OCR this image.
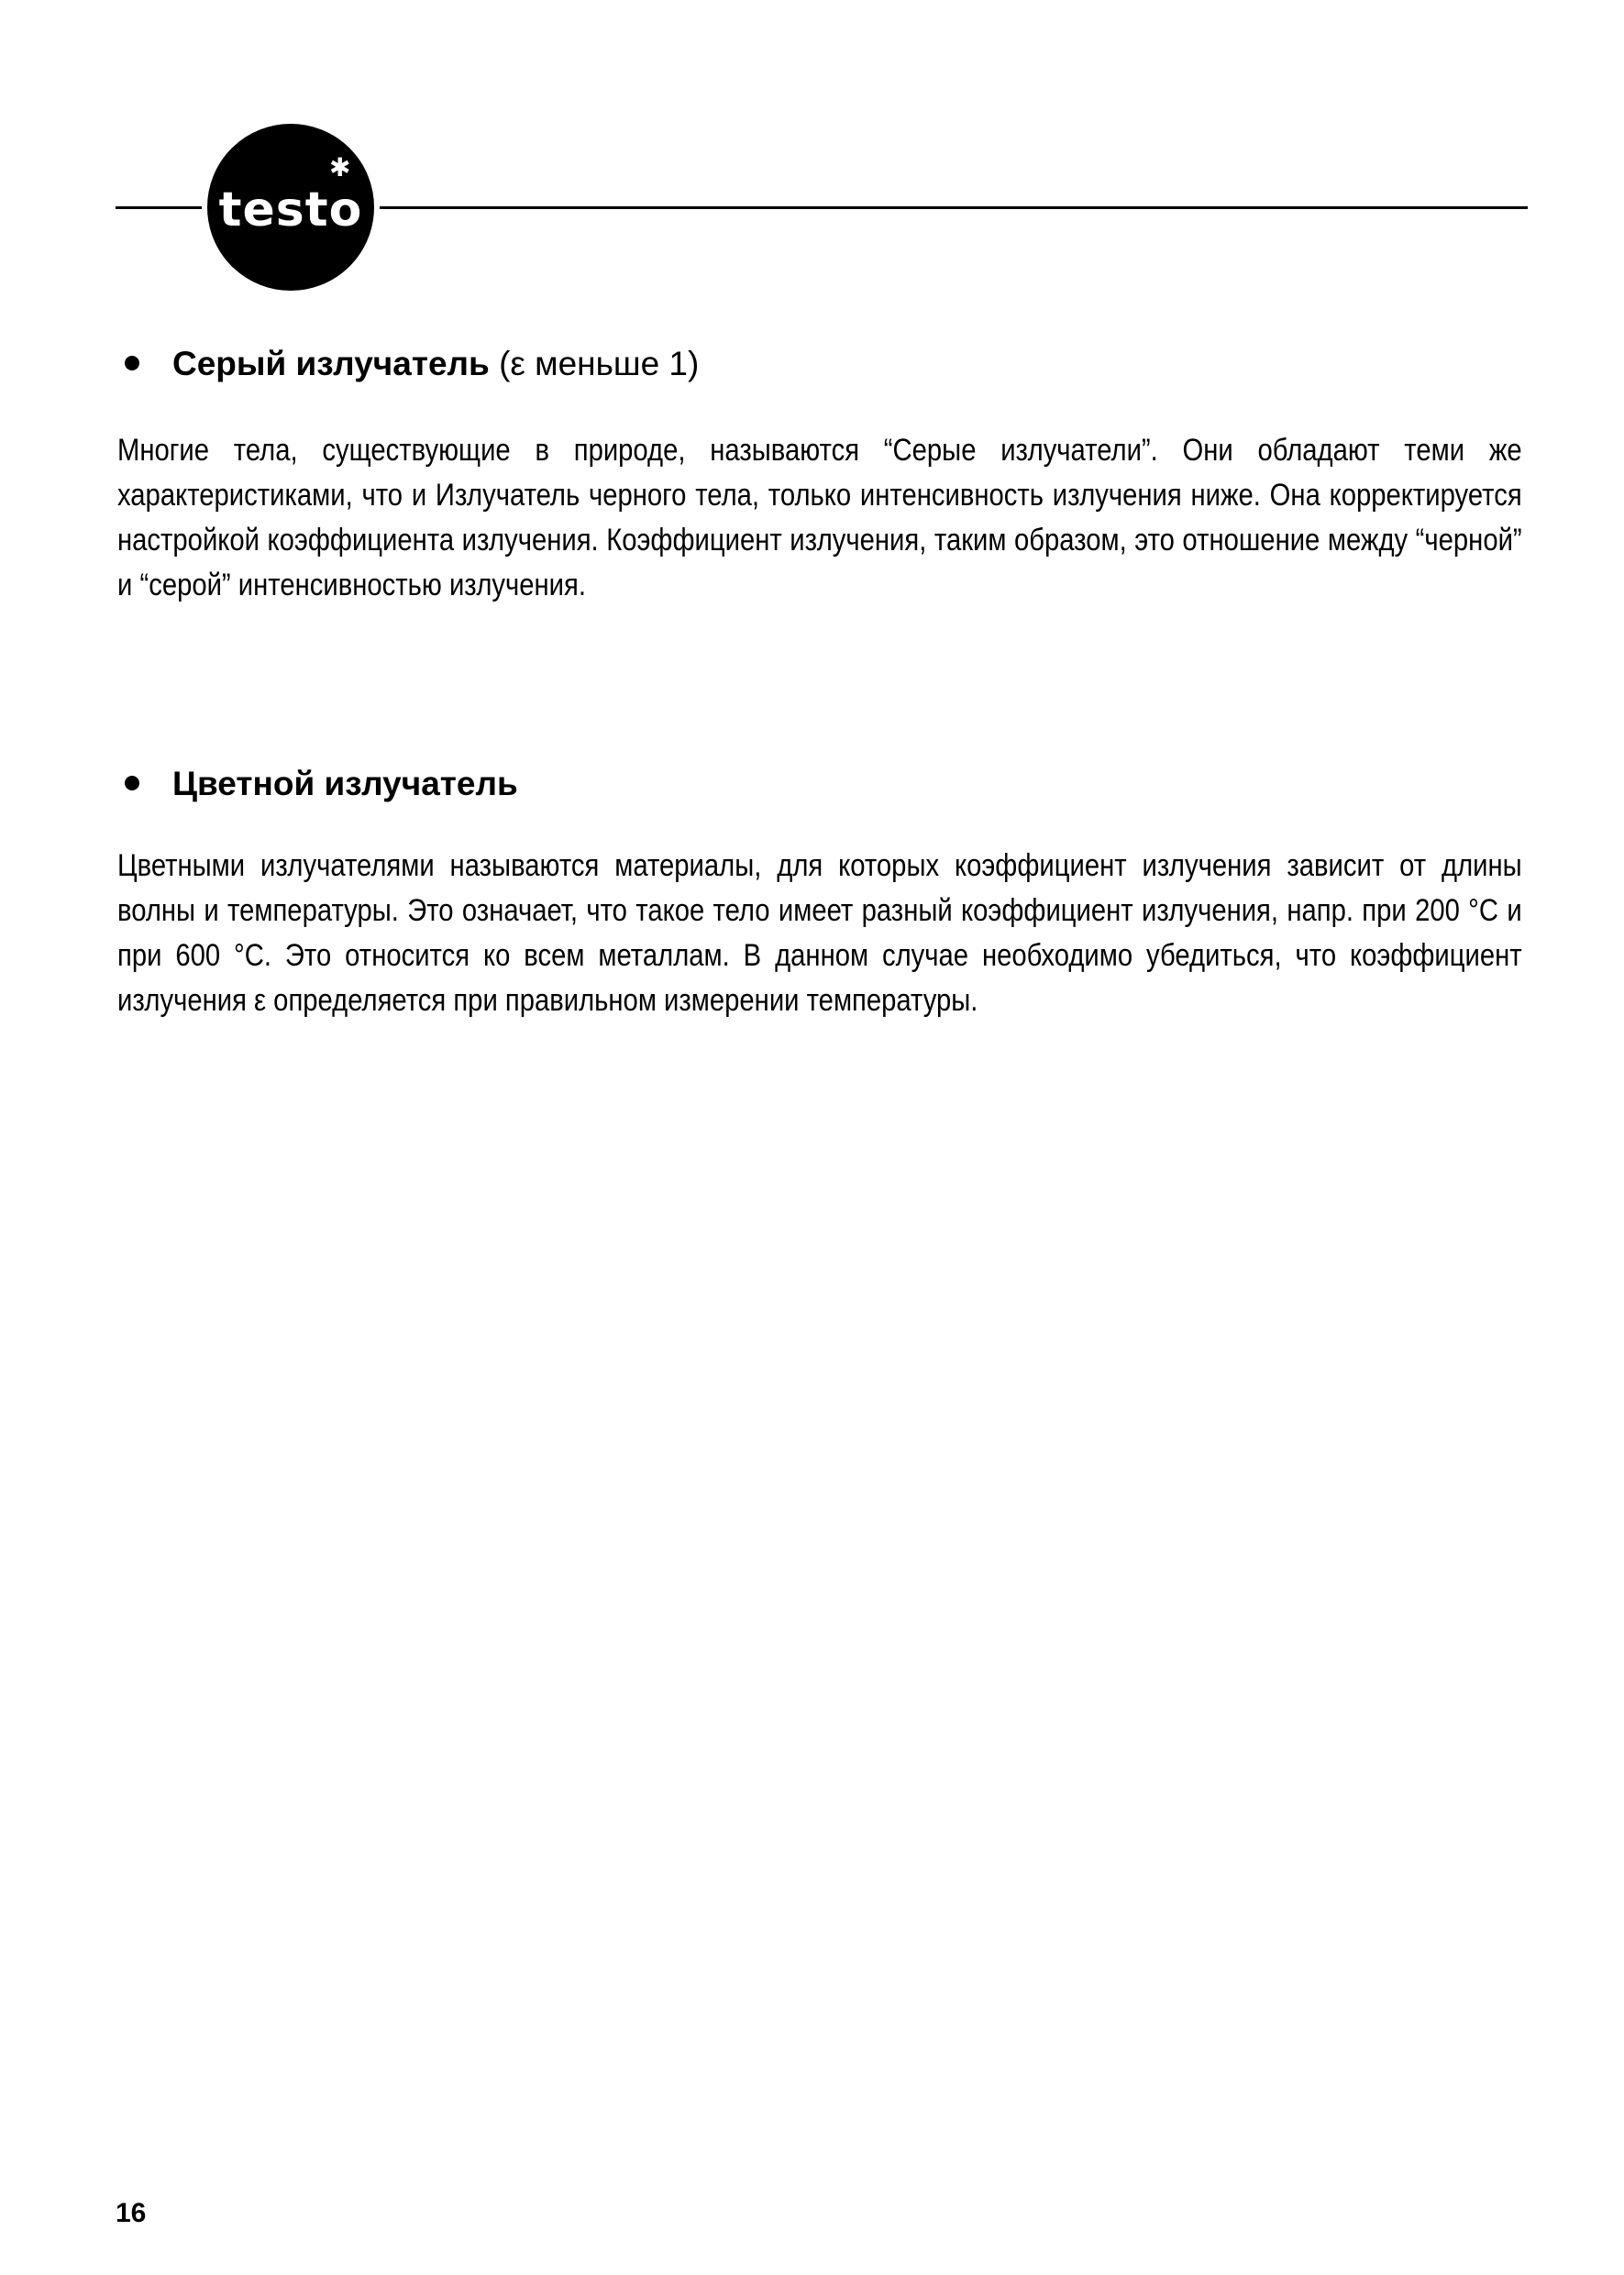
✱
testo
Серый излучатель (ε меньше 1)

Многие тела, существующие в природе, называются “Серые излучатели”. Они обладают теми же характеристиками, что и Излучатель черного тела, только интенсивность излучения ниже. Она корректируется настройкой коэффициента излучения. Коэффициент излучения, таким образом, это отношение между “черной” и “серой” интенсивностью излучения.

Цветной излучатель

Цветными излучателями называются материалы, для которых коэффициент излучения зависит от длины волны и температуры. Это означает, что такое тело имеет разный коэффициент излучения, напр. при 200 °C и при 600 °C. Это относится ко всем металлам. В данном случае необходимо убедиться, что коэффициент излучения ε определяется при правильном измерении температуры.

16
